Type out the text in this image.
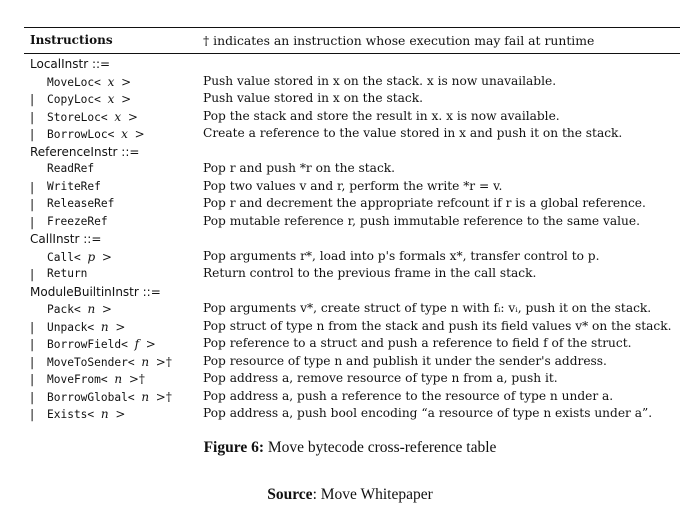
Instructions	† indicates an instruction whose execution may fail at runtime
LocalInstr ::=
MoveLoc< x >	Push value stored in x on the stack. x is now unavailable.
| CopyLoc< x >	Push value stored in x on the stack.
| StoreLoc< x >	Pop the stack and store the result in x. x is now available.
| BorrowLoc< x >	Create a reference to the value stored in x and push it on the stack.
ReferenceInstr ::=
ReadRef	Pop r and push *r on the stack.
| WriteRef	Pop two values v and r, perform the write *r = v.
| ReleaseRef	Pop r and decrement the appropriate refcount if r is a global reference.
| FreezeRef	Pop mutable reference r, push immutable reference to the same value.
CallInstr ::=
Call< p >	Pop arguments r*, load into p's formals x*, transfer control to p.
| Return	Return control to the previous frame in the call stack.
ModuleBuiltinInstr ::=
Pack< n >	Pop arguments v*, create struct of type n with fᵢ: vᵢ, push it on the stack.
| Unpack< n >	Pop struct of type n from the stack and push its field values v* on the stack.
| BorrowField< f >	Pop reference to a struct and push a reference to field f of the struct.
| MoveToSender< n >†	Pop resource of type n and publish it under the sender's address.
| MoveFrom< n >†	Pop address a, remove resource of type n from a, push it.
| BorrowGlobal< n >†	Pop address a, push a reference to the resource of type n under a.
| Exists< n >	Pop address a, push bool encoding “a resource of type n exists under a”.
Figure 6: Move bytecode cross-reference table
Source: Move Whitepaper
